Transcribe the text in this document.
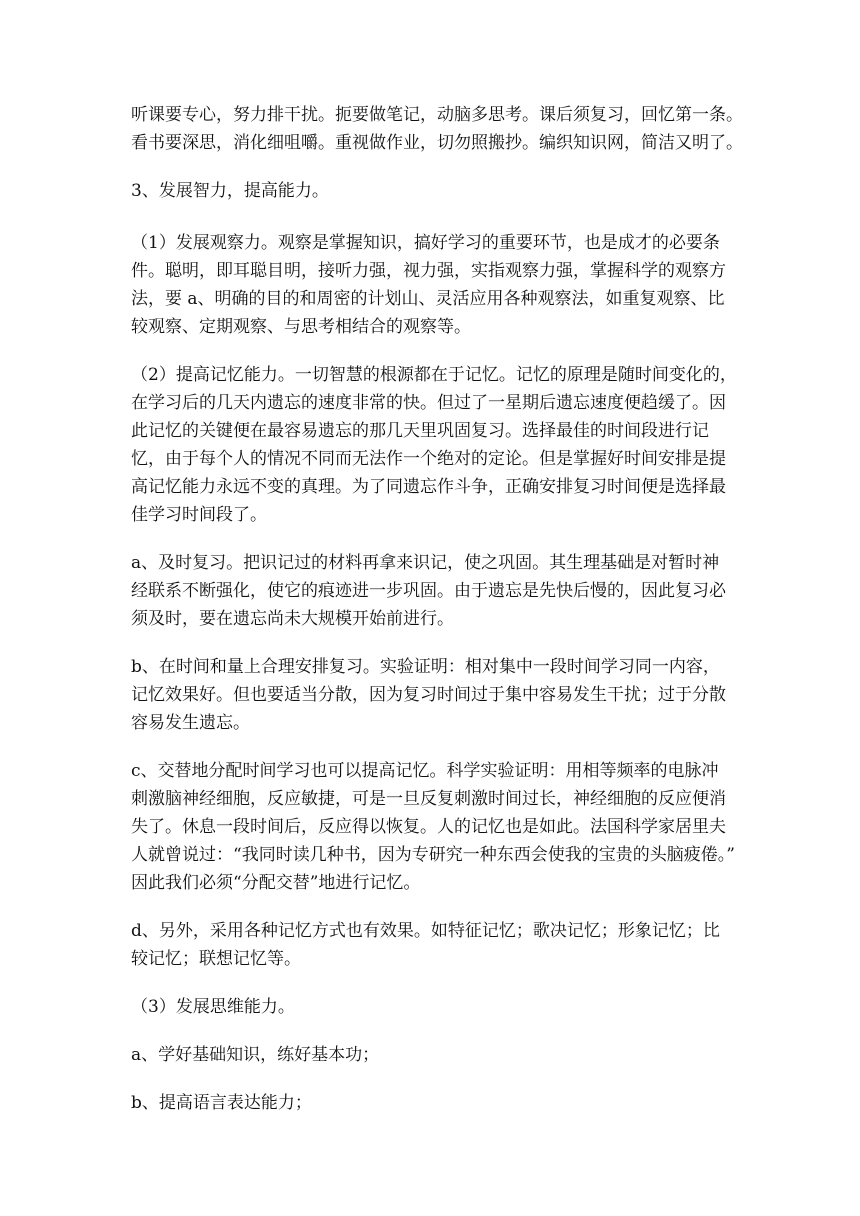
听课要专心，努力排干扰。扼要做笔记，动脑多思考。课后须复习，回忆第一条。
看书要深思，消化细咀嚼。重视做作业，切勿照搬抄。编织知识网，简洁又明了。
3、发展智力，提高能力。
（1）发展观察力。观察是掌握知识，搞好学习的重要环节，也是成才的必要条
件。聪明，即耳聪目明，接听力强，视力强，实指观察力强，掌握科学的观察方
法，要 a、明确的目的和周密的计划山、灵活应用各种观察法，如重复观察、比
较观察、定期观察、与思考相结合的观察等。
（2）提高记忆能力。一切智慧的根源都在于记忆。记忆的原理是随时间变化的，
在学习后的几天内遗忘的速度非常的快。但过了一星期后遗忘速度便趋缓了。因
此记忆的关键便在最容易遗忘的那几天里巩固复习。选择最佳的时间段进行记
忆，由于每个人的情况不同而无法作一个绝对的定论。但是掌握好时间安排是提
高记忆能力永远不变的真理。为了同遗忘作斗争，正确安排复习时间便是选择最
佳学习时间段了。
a、及时复习。把识记过的材料再拿来识记，使之巩固。其生理基础是对暂时神
经联系不断强化，使它的痕迹进一步巩固。由于遗忘是先快后慢的，因此复习必
须及时，要在遗忘尚未大规模开始前进行。
b、在时间和量上合理安排复习。实验证明：相对集中一段时间学习同一内容，
记忆效果好。但也要适当分散，因为复习时间过于集中容易发生干扰；过于分散
容易发生遗忘。
c、交替地分配时间学习也可以提高记忆。科学实验证明：用相等频率的电脉冲
刺激脑神经细胞，反应敏捷，可是一旦反复刺激时间过长，神经细胞的反应便消
失了。休息一段时间后，反应得以恢复。人的记忆也是如此。法国科学家居里夫
人就曾说过：“我同时读几种书，因为专研究一种东西会使我的宝贵的头脑疲倦。”
因此我们必须“分配交替”地进行记忆。
d、另外，采用各种记忆方式也有效果。如特征记忆；歌决记忆；形象记忆；比
较记忆；联想记忆等。
（3）发展思维能力。
a、学好基础知识，练好基本功；
b、提高语言表达能力；
